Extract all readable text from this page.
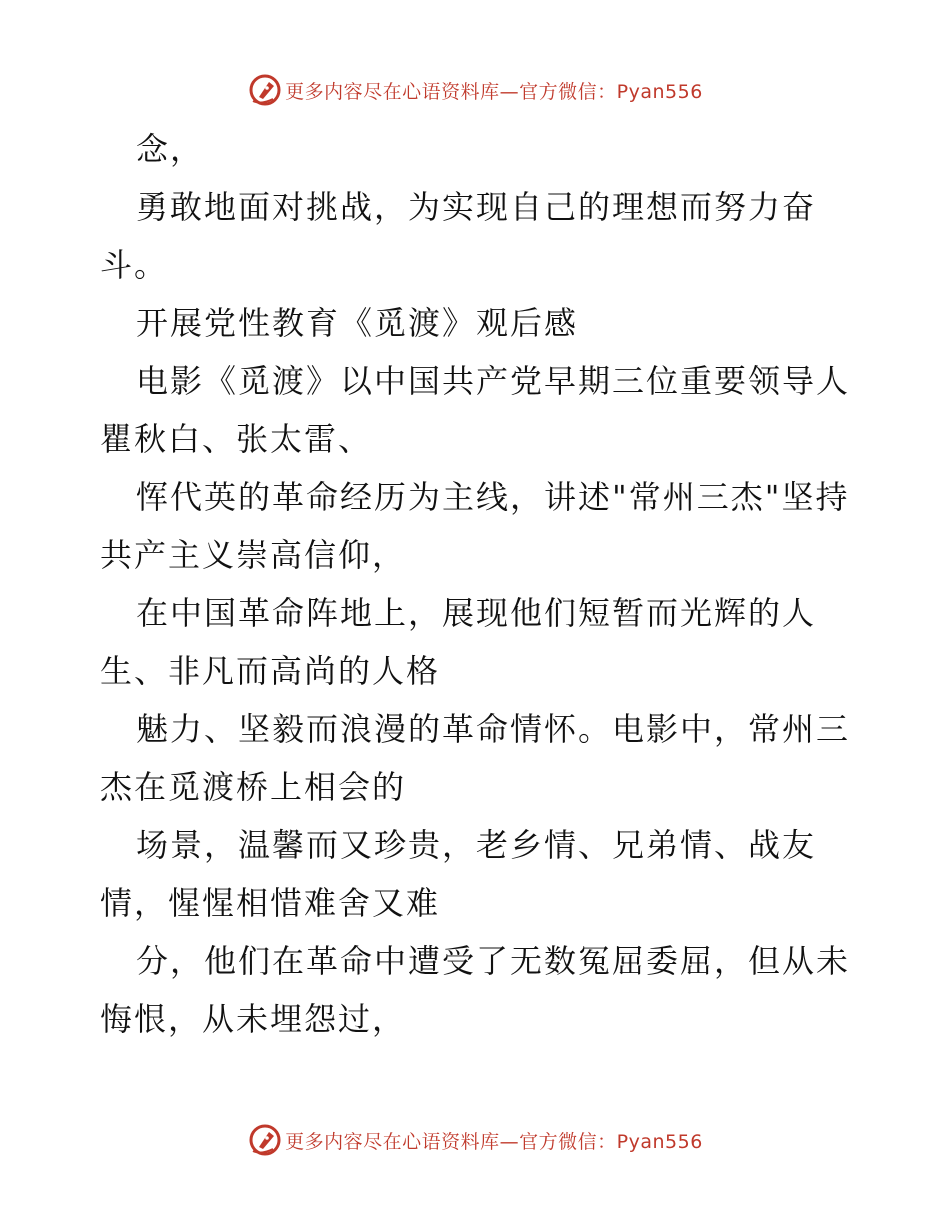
更多内容尽在心语资料库—官方微信：Pyan556
念，
勇敢地面对挑战，为实现自己的理想而努力奋
斗。
开展党性教育《觅渡》观后感
电影《觅渡》以中国共产党早期三位重要领导人
瞿秋白、张太雷、
恽代英的革命经历为主线，讲述"常州三杰"坚持
共产主义崇高信仰，
在中国革命阵地上，展现他们短暂而光辉的人
生、非凡而高尚的人格
魅力、坚毅而浪漫的革命情怀。电影中，常州三
杰在觅渡桥上相会的
场景，温馨而又珍贵，老乡情、兄弟情、战友
情，惺惺相惜难舍又难
分，他们在革命中遭受了无数冤屈委屈，但从未
悔恨，从未埋怨过，
更多内容尽在心语资料库—官方微信：Pyan556
